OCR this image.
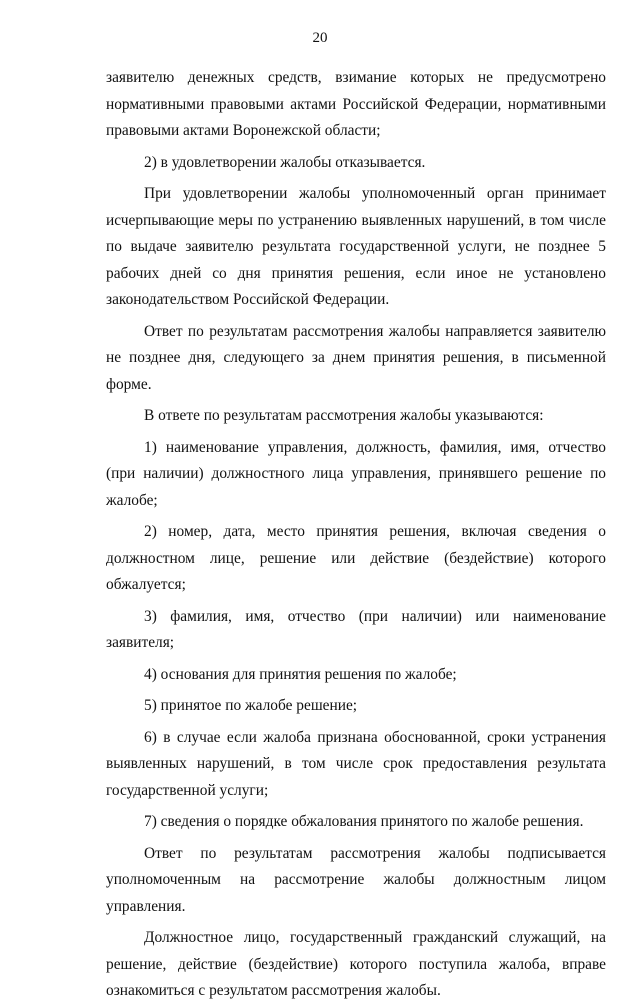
20

заявителю денежных средств, взимание которых не предусмотрено нормативными правовыми актами Российской Федерации, нормативными правовыми актами Воронежской области;

2) в удовлетворении жалобы отказывается.

При удовлетворении жалобы уполномоченный орган принимает исчерпывающие меры по устранению выявленных нарушений, в том числе по выдаче заявителю результата государственной услуги, не позднее 5 рабочих дней со дня принятия решения, если иное не установлено законодательством Российской Федерации.

Ответ по результатам рассмотрения жалобы направляется заявителю не позднее дня, следующего за днем принятия решения, в письменной форме.

В ответе по результатам рассмотрения жалобы указываются:

1) наименование управления, должность, фамилия, имя, отчество (при наличии) должностного лица управления, принявшего решение по жалобе;

2) номер, дата, место принятия решения, включая сведения о должностном лице, решение или действие (бездействие) которого обжалуется;

3) фамилия, имя, отчество (при наличии) или наименование заявителя;

4) основания для принятия решения по жалобе;

5) принятое по жалобе решение;

6) в случае если жалоба признана обоснованной, сроки устранения выявленных нарушений, в том числе срок предоставления результата государственной услуги;

7) сведения о порядке обжалования принятого по жалобе решения.

Ответ по результатам рассмотрения жалобы подписывается уполномоченным на рассмотрение жалобы должностным лицом управления.

Должностное лицо, государственный гражданский служащий, на решение, действие (бездействие) которого поступила жалоба, вправе ознакомиться с результатом рассмотрения жалобы.
